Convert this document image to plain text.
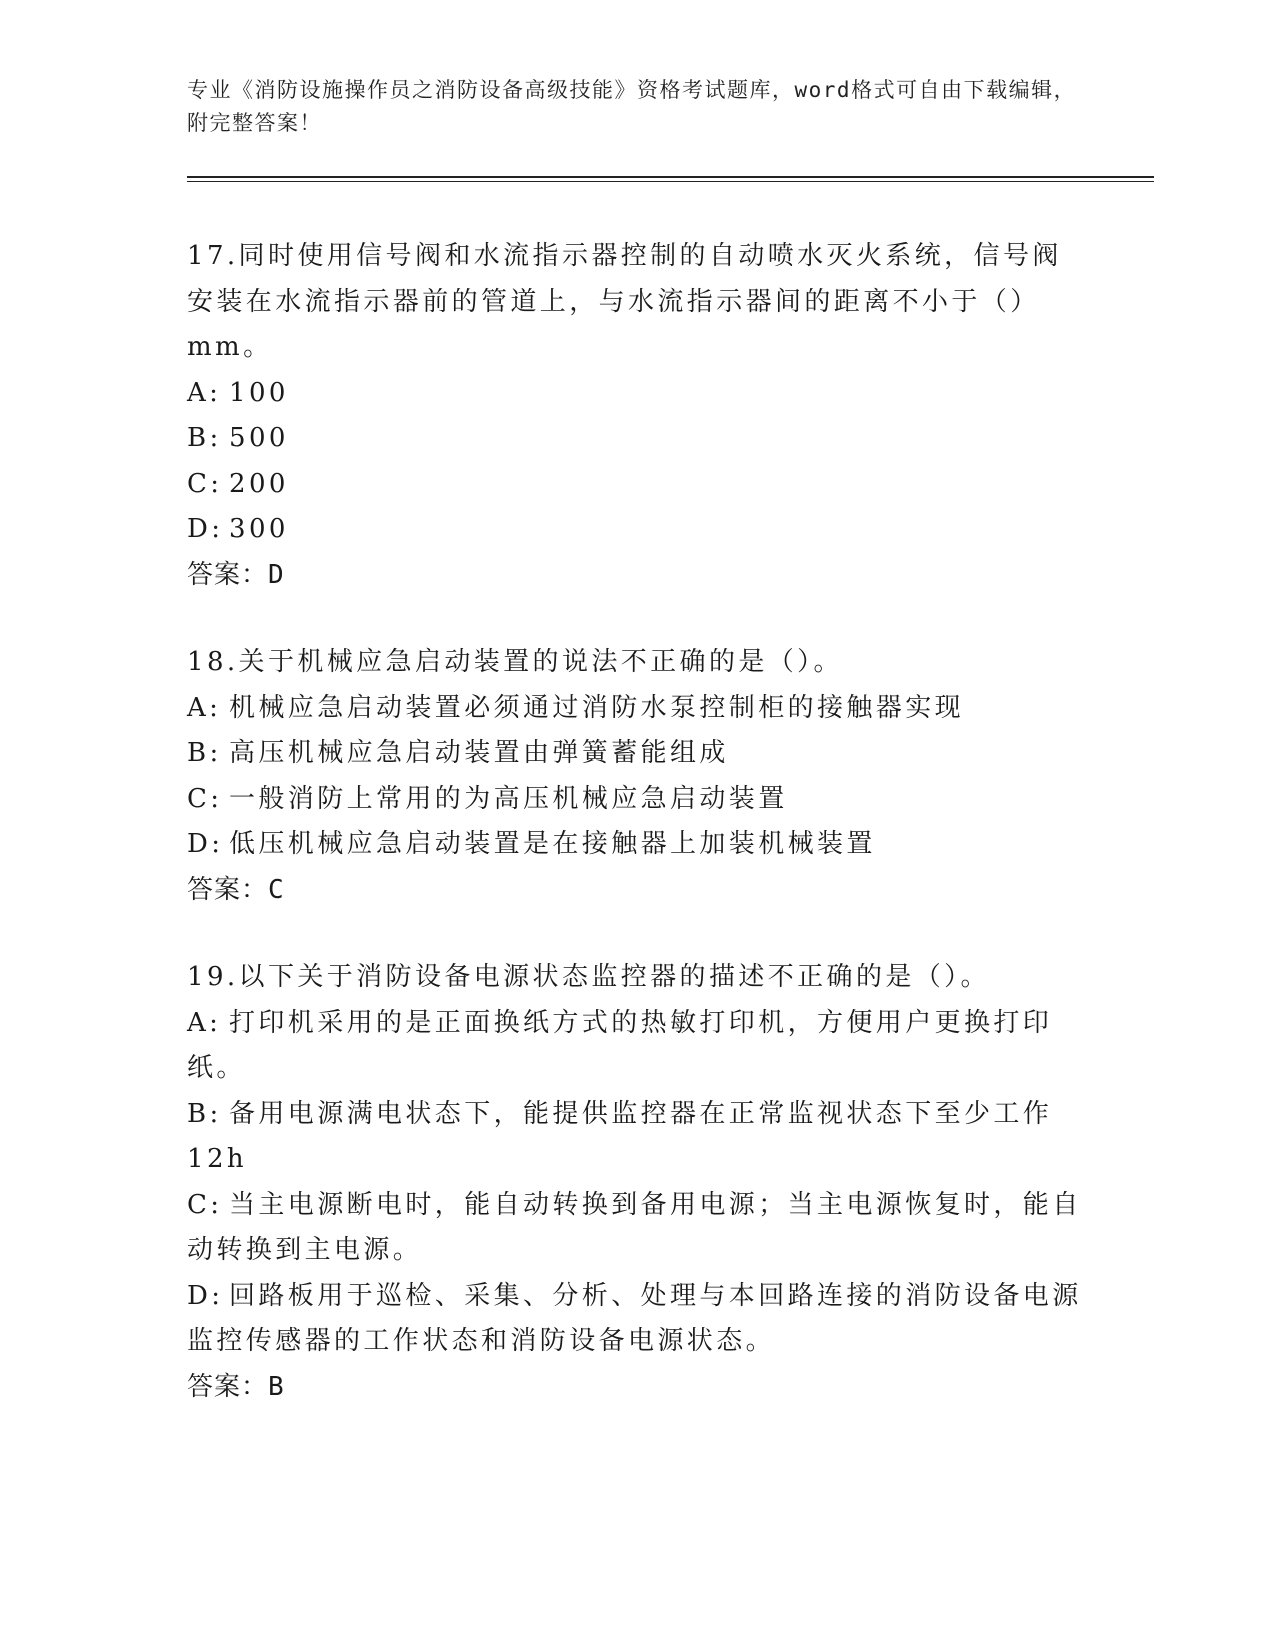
专业《消防设施操作员之消防设备高级技能》资格考试题库，word格式可自由下载编辑，附完整答案！

17.同时使用信号阀和水流指示器控制的自动喷水灭火系统，信号阀安装在水流指示器前的管道上，与水流指示器间的距离不小于（）mm。

A: 100

B: 500

C: 200

D: 300

答案：D

18.关于机械应急启动装置的说法不正确的是（）。

A: 机械应急启动装置必须通过消防水泵控制柜的接触器实现

B: 高压机械应急启动装置由弹簧蓄能组成

C: 一般消防上常用的为高压机械应急启动装置

D: 低压机械应急启动装置是在接触器上加装机械装置

答案：C

19.以下关于消防设备电源状态监控器的描述不正确的是（）。

A: 打印机采用的是正面换纸方式的热敏打印机，方便用户更换打印纸。

B: 备用电源满电状态下，能提供监控器在正常监视状态下至少工作12h

C: 当主电源断电时，能自动转换到备用电源；当主电源恢复时，能自动转换到主电源。

D: 回路板用于巡检、采集、分析、处理与本回路连接的消防设备电源监控传感器的工作状态和消防设备电源状态。

答案：B
